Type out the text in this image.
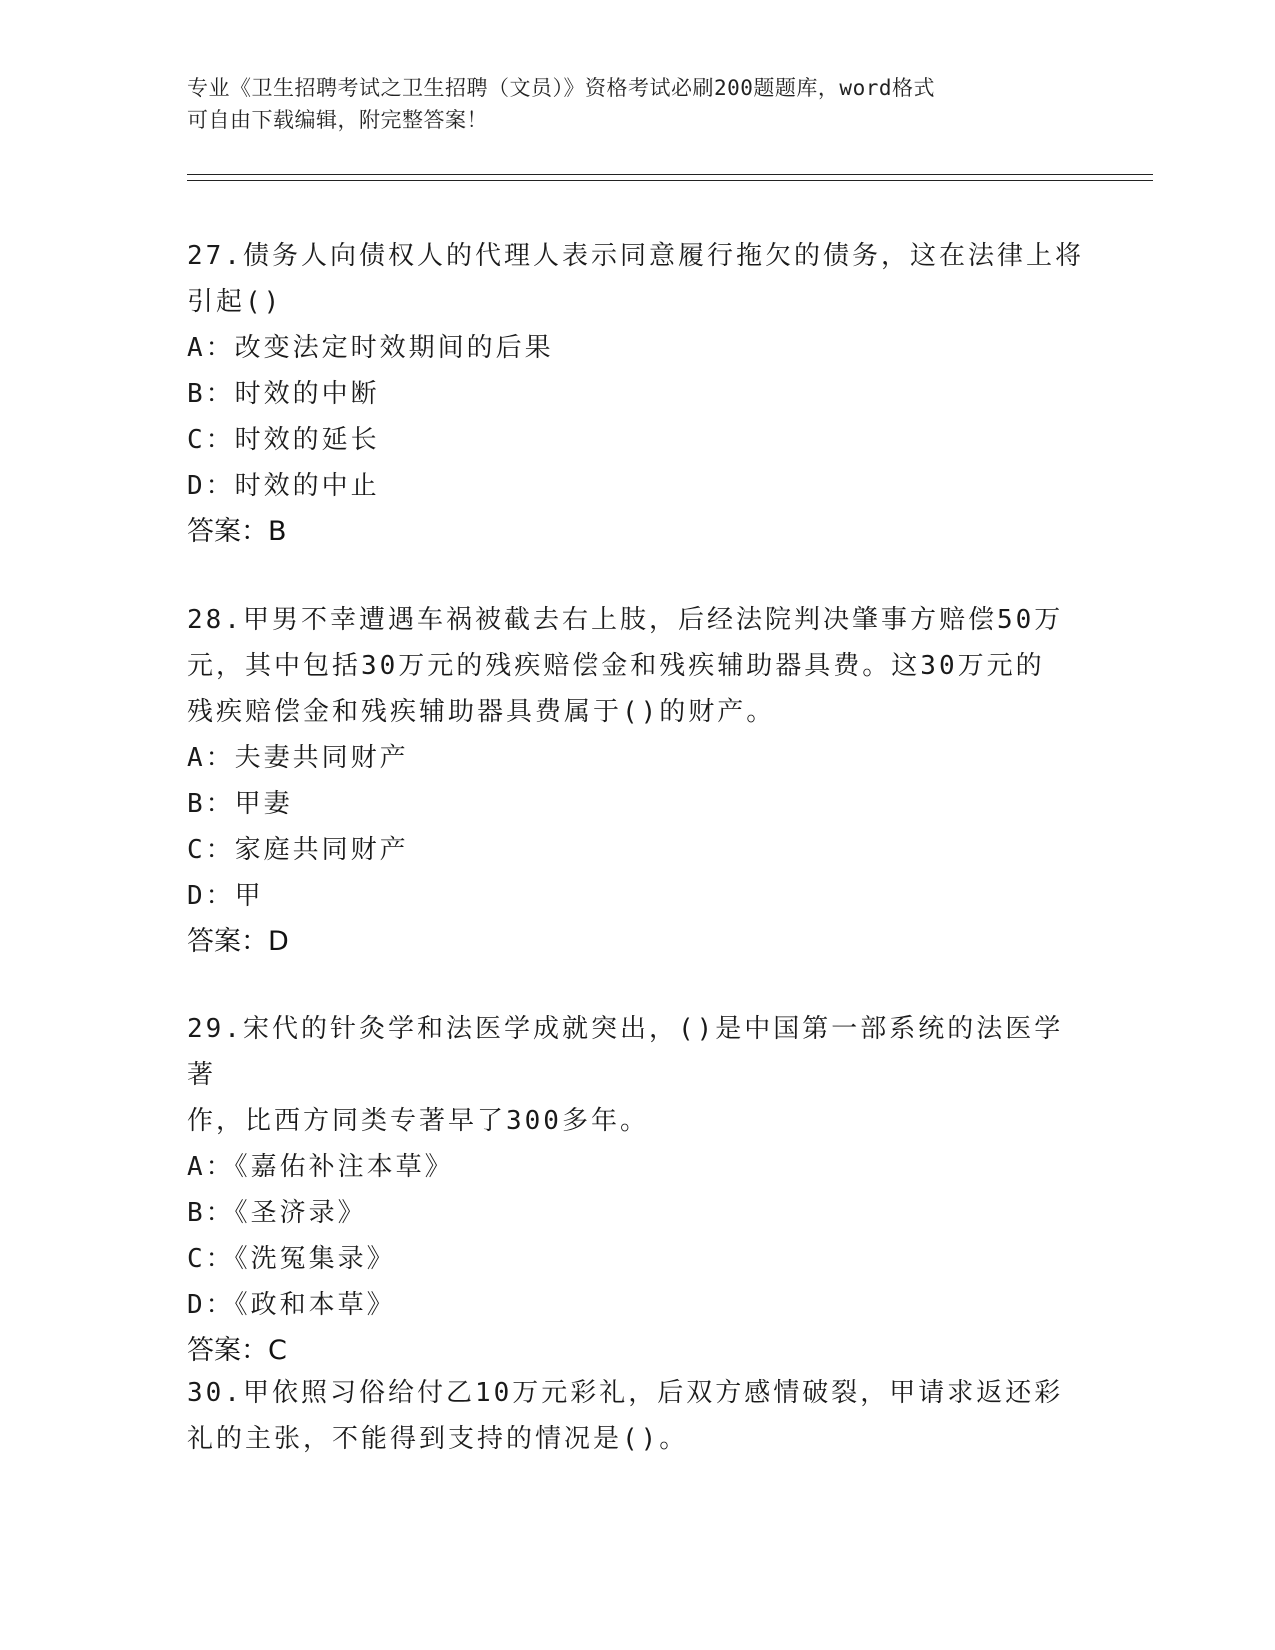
专业《卫生招聘考试之卫生招聘（文员）》资格考试必刷200题题库，word格式
可自由下载编辑，附完整答案！

27.债务人向债权人的代理人表示同意履行拖欠的债务，这在法律上将

引起()

A：改变法定时效期间的后果

B：时效的中断

C：时效的延长

D：时效的中止

答案：B

28.甲男不幸遭遇车祸被截去右上肢，后经法院判决肇事方赔偿50万

元，其中包括30万元的残疾赔偿金和残疾辅助器具费。这30万元的

残疾赔偿金和残疾辅助器具费属于()的财产。

A：夫妻共同财产

B：甲妻

C：家庭共同财产

D：甲

答案：D

29.宋代的针灸学和法医学成就突出，()是中国第一部系统的法医学著

作，比西方同类专著早了300多年。

A：《嘉佑补注本草》

B：《圣济录》

C：《洗冤集录》

D：《政和本草》

答案：C

30.甲依照习俗给付乙10万元彩礼，后双方感情破裂，甲请求返还彩

礼的主张，不能得到支持的情况是()。
